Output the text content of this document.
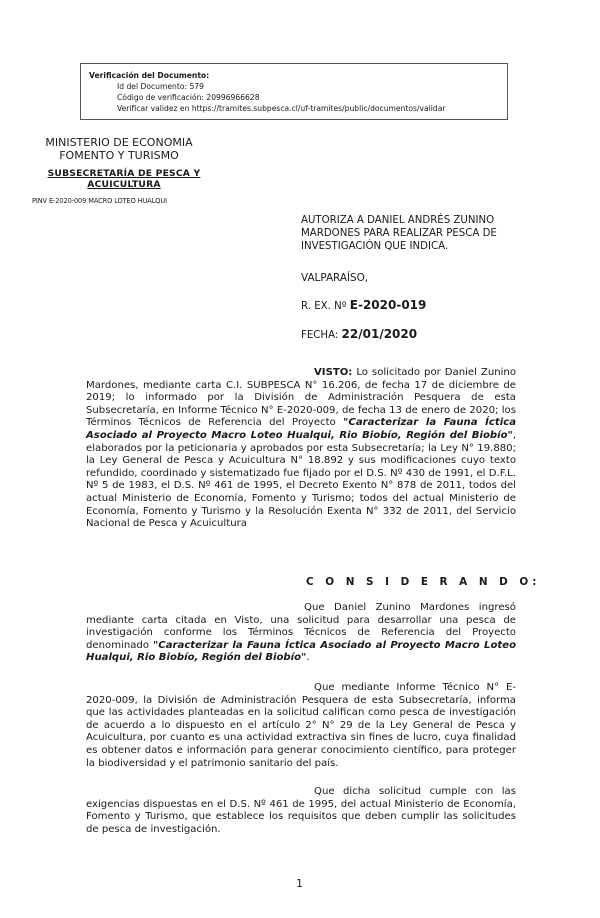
Verificación del Documento:
• Id del Documento: 579
• Código de verificación: 20996966628
• Verificar validez en https://tramites.subpesca.cl/uf-tramites/public/documentos/validar
MINISTERIO DE ECONOMIA
FOMENTO Y TURISMO
SUBSECRETARÍA DE PESCA Y
ACUICULTURA
PINV E-2020-009 MACRO LOTEO HUALQUI
AUTORIZA A DANIEL ANDRÉS ZUNINO MARDONES PARA REALIZAR PESCA DE INVESTIGACIÓN QUE INDICA.
VALPARAÍSO,
R. EX. Nº E-2020-019
FECHA: 22/01/2020
VISTO: Lo solicitado por Daniel Zunino Mardones, mediante carta C.I. SUBPESCA N° 16.206, de fecha 17 de diciembre de 2019; lo informado por la División de Administración Pesquera de esta Subsecretaría, en Informe Técnico N° E-2020-009, de fecha 13 de enero de 2020; los Términos Técnicos de Referencia del Proyecto "Caracterizar la Fauna Íctica Asociado al Proyecto Macro Loteo Hualqui, Rio Biobío, Región del Biobío", elaborados por la peticionaria y aprobados por esta Subsecretaría; la Ley N° 19.880; la Ley General de Pesca y Acuicultura N° 18.892 y sus modificaciones cuyo texto refundido, coordinado y sistematizado fue fijado por el D.S. Nº 430 de 1991, el D.F.L. Nº 5 de 1983, el D.S. Nº 461 de 1995, el Decreto Exento N° 878 de 2011, todos del actual Ministerio de Economía, Fomento y Turismo; todos del actual Ministerio de Economía, Fomento y Turismo y la Resolución Exenta N° 332 de 2011, del Servicio Nacional de Pesca y Acuicultura
C O N S I D E R A N D O:
Que Daniel Zunino Mardones ingresó mediante carta citada en Visto, una solicitud para desarrollar una pesca de investigación conforme los Términos Técnicos de Referencia del Proyecto denominado "Caracterizar la Fauna Íctica Asociado al Proyecto Macro Loteo Hualqui, Rio Biobío, Región del Biobío".
Que mediante Informe Técnico N° E-2020-009, la División de Administración Pesquera de esta Subsecretaría, informa que las actividades planteadas en la solicitud califican como pesca de investigación de acuerdo a lo dispuesto en el artículo 2° N° 29 de la Ley General de Pesca y Acuicultura, por cuanto es una actividad extractiva sin fines de lucro, cuya finalidad es obtener datos e información para generar conocimiento científico, para proteger la biodiversidad y el patrimonio sanitario del país.
Que dicha solicitud cumple con las exigencias dispuestas en el D.S. Nº 461 de 1995, del actual Ministerio de Economía, Fomento y Turismo, que establece los requisitos que deben cumplir las solicitudes de pesca de investigación.
1
